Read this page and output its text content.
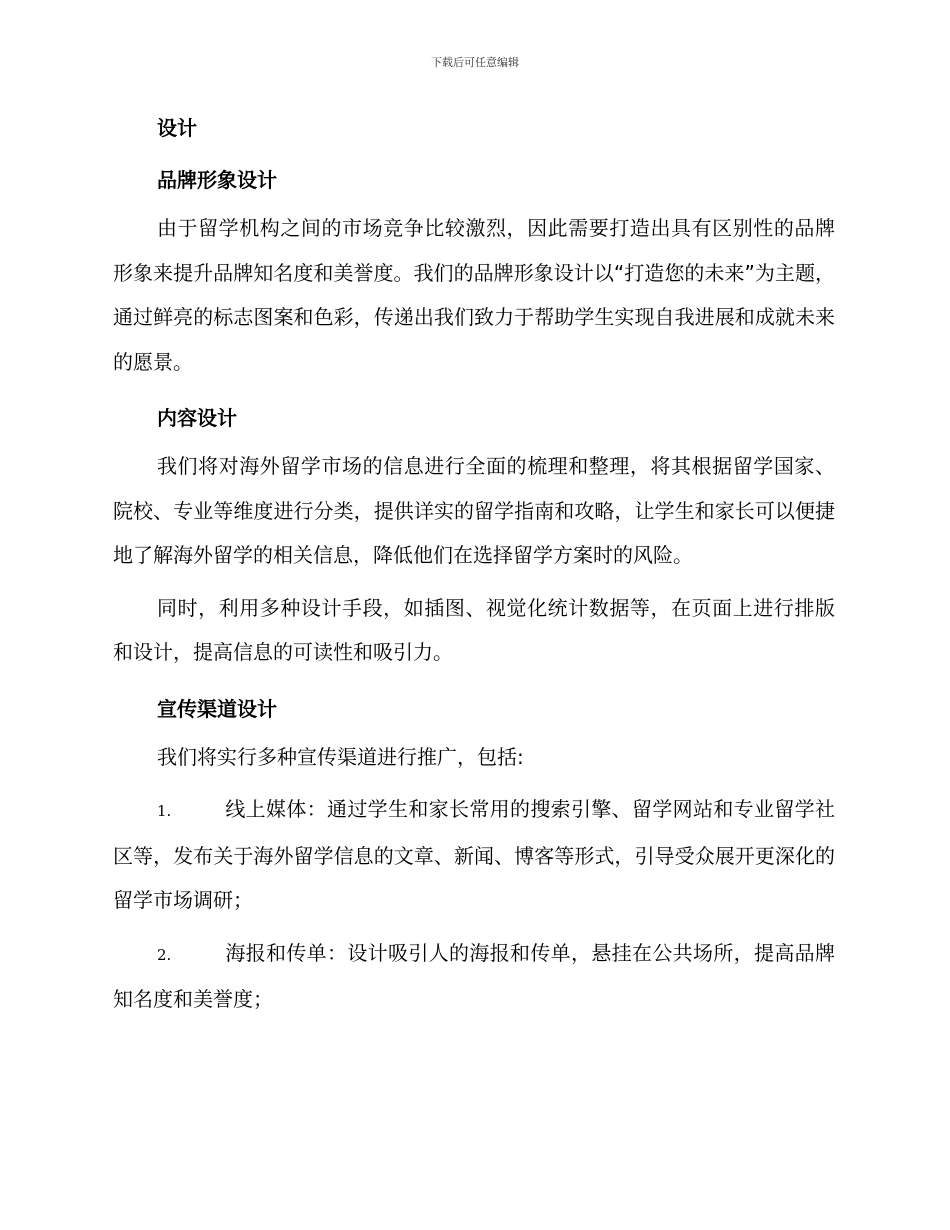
下载后可任意编辑
设计
品牌形象设计

由于留学机构之间的市场竞争比较激烈，因此需要打造出具有区别性的品牌形象来提升品牌知名度和美誉度。我们的品牌形象设计以“打造您的未来”为主题，通过鲜亮的标志图案和色彩，传递出我们致力于帮助学生实现自我进展和成就未来的愿景。

内容设计

我们将对海外留学市场的信息进行全面的梳理和整理，将其根据留学国家、院校、专业等维度进行分类，提供详实的留学指南和攻略，让学生和家长可以便捷地了解海外留学的相关信息，降低他们在选择留学方案时的风险。

同时，利用多种设计手段，如插图、视觉化统计数据等，在页面上进行排版和设计，提高信息的可读性和吸引力。

宣传渠道设计

我们将实行多种宣传渠道进行推广，包括:

1.	线上媒体：通过学生和家长常用的搜索引擎、留学网站和专业留学社区等，发布关于海外留学信息的文章、新闻、博客等形式，引导受众展开更深化的留学市场调研；

2.	海报和传单：设计吸引人的海报和传单，悬挂在公共场所，提高品牌知名度和美誉度；
